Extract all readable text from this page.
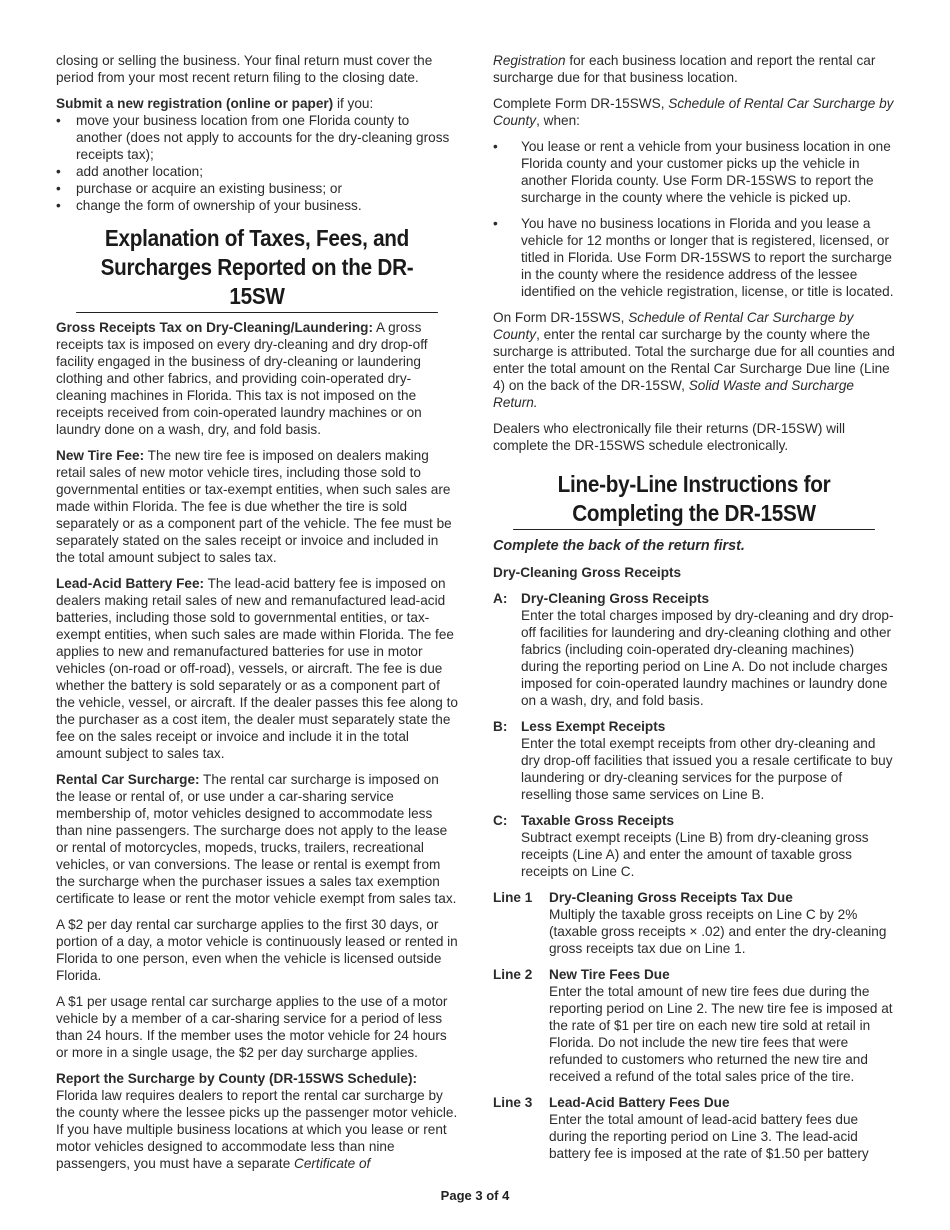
closing or selling the business. Your final return must cover the period from your most recent return filing to the closing date.

Submit a new registration (online or paper) if you:
• move your business location from one Florida county to another (does not apply to accounts for the dry-cleaning gross receipts tax);
• add another location;
• purchase or acquire an existing business; or
• change the form of ownership of your business.
Explanation of Taxes, Fees, and Surcharges Reported on the DR-15SW

Gross Receipts Tax on Dry-Cleaning/Laundering: A gross receipts tax is imposed on every dry-cleaning and dry drop-off facility engaged in the business of dry-cleaning or laundering clothing and other fabrics, and providing coin-operated dry-cleaning machines in Florida. This tax is not imposed on the receipts received from coin-operated laundry machines or on laundry done on a wash, dry, and fold basis.

New Tire Fee: The new tire fee is imposed on dealers making retail sales of new motor vehicle tires, including those sold to governmental entities or tax-exempt entities, when such sales are made within Florida. The fee is due whether the tire is sold separately or as a component part of the vehicle. The fee must be separately stated on the sales receipt or invoice and included in the total amount subject to sales tax.

Lead-Acid Battery Fee: The lead-acid battery fee is imposed on dealers making retail sales of new and remanufactured lead-acid batteries, including those sold to governmental entities, or tax-exempt entities, when such sales are made within Florida. The fee applies to new and remanufactured batteries for use in motor vehicles (on-road or off-road), vessels, or aircraft. The fee is due whether the battery is sold separately or as a component part of the vehicle, vessel, or aircraft. If the dealer passes this fee along to the purchaser as a cost item, the dealer must separately state the fee on the sales receipt or invoice and include it in the total amount subject to sales tax.

Rental Car Surcharge: The rental car surcharge is imposed on the lease or rental of, or use under a car-sharing service membership of, motor vehicles designed to accommodate less than nine passengers. The surcharge does not apply to the lease or rental of motorcycles, mopeds, trucks, trailers, recreational vehicles, or van conversions. The lease or rental is exempt from the surcharge when the purchaser issues a sales tax exemption certificate to lease or rent the motor vehicle exempt from sales tax.

A $2 per day rental car surcharge applies to the first 30 days, or portion of a day, a motor vehicle is continuously leased or rented in Florida to one person, even when the vehicle is licensed outside Florida.

A $1 per usage rental car surcharge applies to the use of a motor vehicle by a member of a car-sharing service for a period of less than 24 hours. If the member uses the motor vehicle for 24 hours or more in a single usage, the $2 per day surcharge applies.

Report the Surcharge by County (DR-15SWS Schedule):
Florida law requires dealers to report the rental car surcharge by the county where the lessee picks up the passenger motor vehicle. If you have multiple business locations at which you lease or rent motor vehicles designed to accommodate less than nine passengers, you must have a separate Certificate of

Registration for each business location and report the rental car surcharge due for that business location.

Complete Form DR-15SWS, Schedule of Rental Car Surcharge by County, when:

• You lease or rent a vehicle from your business location in one Florida county and your customer picks up the vehicle in another Florida county. Use Form DR-15SWS to report the surcharge in the county where the vehicle is picked up.
• You have no business locations in Florida and you lease a vehicle for 12 months or longer that is registered, licensed, or titled in Florida. Use Form DR-15SWS to report the surcharge in the county where the residence address of the lessee identified on the vehicle registration, license, or title is located.

On Form DR-15SWS, Schedule of Rental Car Surcharge by County, enter the rental car surcharge by the county where the surcharge is attributed. Total the surcharge due for all counties and enter the total amount on the Rental Car Surcharge Due line (Line 4) on the back of the DR-15SW, Solid Waste and Surcharge Return.

Dealers who electronically file their returns (DR-15SW) will complete the DR-15SWS schedule electronically.

Line-by-Line Instructions for Completing the DR-15SW
Complete the back of the return first.
Dry-Cleaning Gross Receipts
A:	Dry-Cleaning Gross Receipts
Enter the total charges imposed by dry-cleaning and dry drop-off facilities for laundering and dry-cleaning clothing and other fabrics (including coin-operated dry-cleaning machines) during the reporting period on Line A. Do not include charges imposed for coin-operated laundry machines or laundry done on a wash, dry, and fold basis.
B:	Less Exempt Receipts
Enter the total exempt receipts from other dry-cleaning and dry drop-off facilities that issued you a resale certificate to buy laundering or dry-cleaning services for the purpose of reselling those same services on Line B.
C:	Taxable Gross Receipts
Subtract exempt receipts (Line B) from dry-cleaning gross receipts (Line A) and enter the amount of taxable gross receipts on Line C.
Line 1	Dry-Cleaning Gross Receipts Tax Due
Multiply the taxable gross receipts on Line C by 2% (taxable gross receipts × .02) and enter the dry-cleaning gross receipts tax due on Line 1.
Line 2	New Tire Fees Due
Enter the total amount of new tire fees due during the reporting period on Line 2. The new tire fee is imposed at the rate of $1 per tire on each new tire sold at retail in Florida. Do not include the new tire fees that were refunded to customers who returned the new tire and received a refund of the total sales price of the tire.
Line 3	Lead-Acid Battery Fees Due
Enter the total amount of lead-acid battery fees due during the reporting period on Line 3. The lead-acid battery fee is imposed at the rate of $1.50 per battery
Page 3 of 4
